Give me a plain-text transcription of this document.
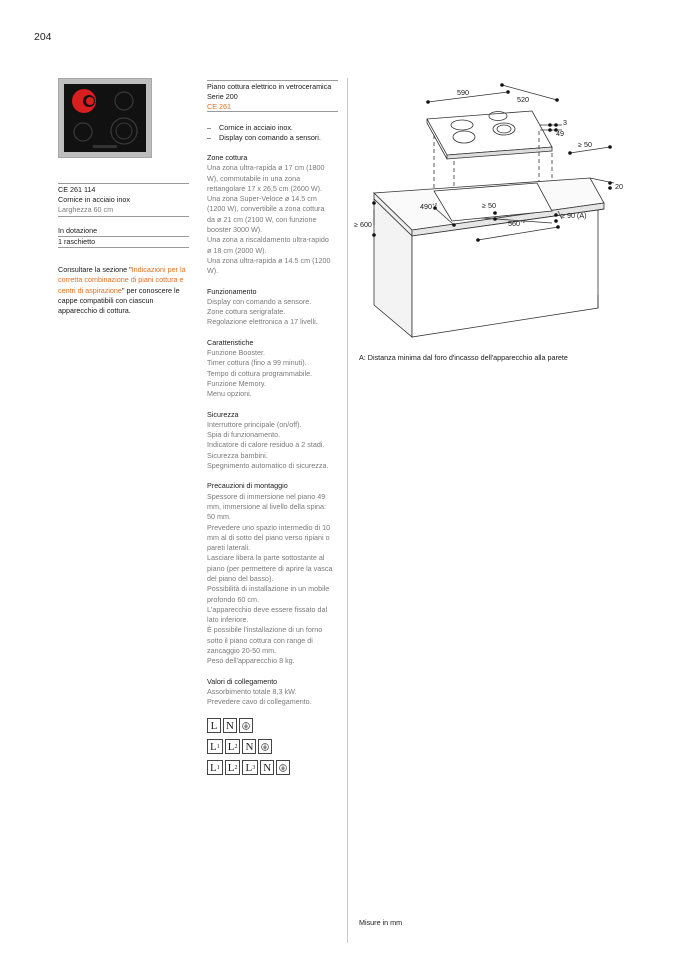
204
CE 261 114
Cornice in acciaio inox
Larghezza 60 cm
In dotazione
1 raschietto
Consultare la sezione "Indicazioni per la corretta combinazione di piani cottura e centri di aspirazione" per conoscere le cappe compatibili con ciascun apparecchio di cottura.
Piano cottura elettrico in vetroceramica
Serie 200
CE 261
–	Cornice in acciaio inox.
–	Display con comando a sensori.
Zone cottura
Una zona ultra-rapida ø 17 cm (1800
W), commutabile in una zona
rettangolare 17 x 26,5 cm (2600 W).
Una zona Super-Veloce ø 14.5 cm
(1200 W), convertibile a zona cottura
da ø 21 cm (2100 W, con funzione
booster 3000 W).
Una zona a riscaldamento ultra-rapido
ø 18 cm (2000 W).
Una zona ultra-rapida ø 14.5 cm (1200
W).
Funzionamento
Display con comando a sensore.
Zone cottura serigrafate.
Regolazione elettronica a 17 livelli.
Caratteristiche
Funzione Booster.
Timer cottura (fino a 99 minuti).
Tempo di cottura programmabile.
Funzione Memory.
Menu opzioni.
Sicurezza
Interruttore principale (on/off).
Spia di funzionamento.
Indicatore di calore residuo a 2 stadi.
Sicurezza bambini.
Spegnimento automatico di sicurezza.
Precauzioni di montaggio
Spessore di immersione nel piano 49
mm, immersione al livello della spina:
50 mm.
Prevedere uno spazio intermedio di 10
mm al di sotto del piano verso ripiani o
pareti laterali.
Lasciare libera la parte sottostante al
piano (per permettere di aprire la vasca
del piano del basso).
Possibilità di installazione in un mobile
profondo 60 cm.
L'apparecchio deve essere fissato dal
lato inferiore.
È possibile l'installazione di un forno
sotto il piano cottura con range di
zancaggio 20-50 mm.
Peso dell'apparecchio 8 kg.
Valori di collegamento
Assorbimento totale 8,3 kW.
Prevedere cavo di collegamento.
L N
L 1 L 2 N
L 1 L 2 L 3 N
590
520
3
49
≥ 50
20
$490^{+2}$	≥ 50
≥ 90 (A)
≥ 600	$560^{+2}$
A: Distanza minima dal foro d'incasso dell'apparecchio alla parete
Misure in mm
